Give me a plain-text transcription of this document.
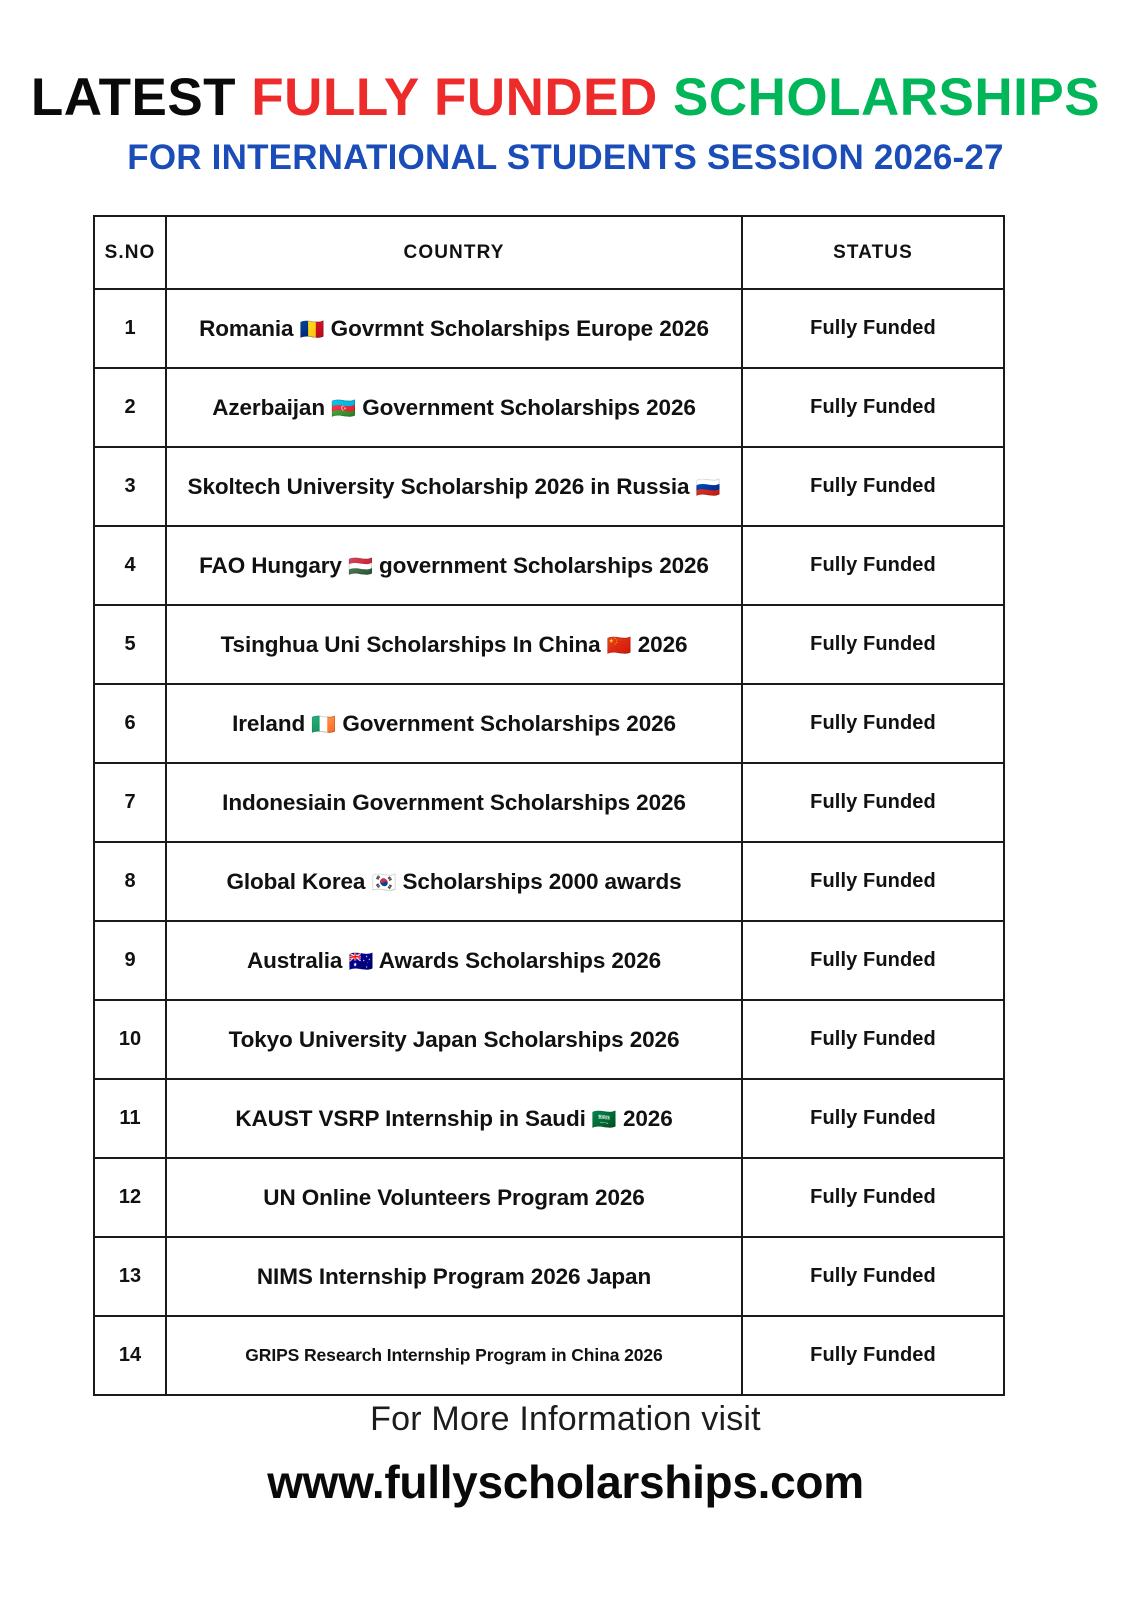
LATEST FULLY FUNDED SCHOLARSHIPS
FOR INTERNATIONAL STUDENTS SESSION 2026-27
S.NO	COUNTRY	STATUS
1	Romania 🇷🇴 Govrmnt Scholarships Europe 2026	Fully Funded
2	Azerbaijan 🇦🇿 Government Scholarships 2026	Fully Funded
3	Skoltech University Scholarship 2026 in Russia 🇷🇺	Fully Funded
4	FAO Hungary 🇭🇺 government Scholarships 2026	Fully Funded
5	Tsinghua Uni Scholarships In China 🇨🇳 2026	Fully Funded
6	Ireland 🇮🇪 Government Scholarships 2026	Fully Funded
7	Indonesiain Government Scholarships 2026	Fully Funded
8	Global Korea 🇰🇷 Scholarships 2000 awards	Fully Funded
9	Australia 🇦🇺 Awards Scholarships 2026	Fully Funded
10	Tokyo University Japan Scholarships 2026	Fully Funded
11	KAUST VSRP Internship in Saudi 🇸🇦 2026	Fully Funded
12	UN Online Volunteers Program 2026	Fully Funded
13	NIMS Internship Program 2026 Japan	Fully Funded
14	GRIPS Research Internship Program in China 2026	Fully Funded
For More Information visit
www.fullyscholarships.com
